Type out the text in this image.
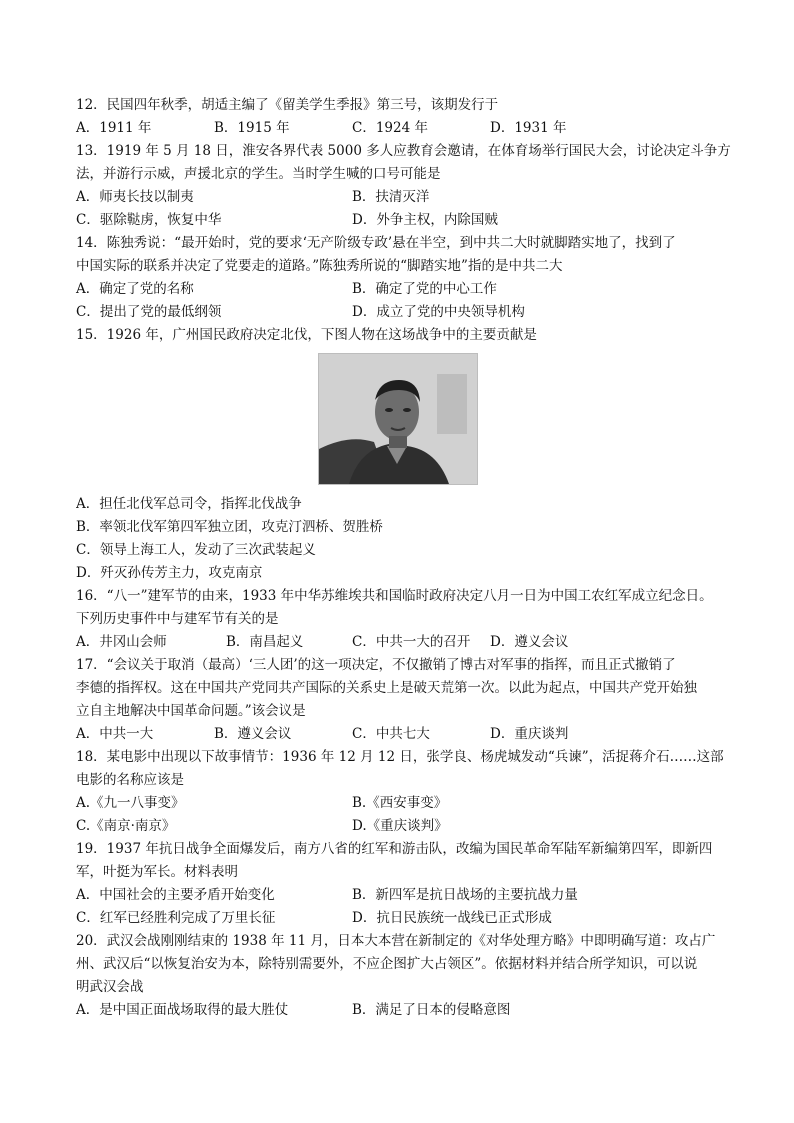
12．民国四年秋季，胡适主编了《留美学生季报》第三号，该期发行于
A．1911 年	B．1915 年	C．1924 年	D．1931 年
13．1919 年 5 月 18 日，淮安各界代表 5000 多人应教育会邀请，在体育场举行国民大会，讨论决定斗争方
法，并游行示威，声援北京的学生。当时学生喊的口号可能是
A．师夷长技以制夷	B．扶清灭洋
C．驱除鞑虏，恢复中华	D．外争主权，内除国贼
14．陈独秀说：“最开始时，党的要求‘无产阶级专政’悬在半空，到中共二大时就脚踏实地了，找到了
中国实际的联系并决定了党要走的道路。”陈独秀所说的“脚踏实地”指的是中共二大
A．确定了党的名称	B．确定了党的中心工作
C．提出了党的最低纲领	D．成立了党的中央领导机构
15．1926 年，广州国民政府决定北伐，下图人物在这场战争中的主要贡献是
A．担任北伐军总司令，指挥北伐战争
B．率领北伐军第四军独立团，攻克汀泗桥、贺胜桥
C．领导上海工人，发动了三次武装起义
D．歼灭孙传芳主力，攻克南京
16．“八一”建军节的由来，1933 年中华苏维埃共和国临时政府决定八月一日为中国工农红军成立纪念日。
下列历史事件中与建军节有关的是
A．井冈山会师	B．南昌起义	C．中共一大的召开 D．遵义会议
17．“会议关于取消（最高）‘三人团’的这一项决定，不仅撤销了博古对军事的指挥，而且正式撤销了
李德的指挥权。这在中国共产党同共产国际的关系史上是破天荒第一次。以此为起点，中国共产党开始独
立自主地解决中国革命问题。”该会议是
A．中共一大	B．遵义会议	C．中共七大	D．重庆谈判
18．某电影中出现以下故事情节：1936 年 12 月 12 日，张学良、杨虎城发动“兵谏”，活捉蒋介石……这部
电影的名称应该是
A.《九一八事变》	B.《西安事变》
C.《南京·南京》	D.《重庆谈判》
19．1937 年抗日战争全面爆发后，南方八省的红军和游击队，改编为国民革命军陆军新编第四军，即新四
军，叶挺为军长。材料表明
A．中国社会的主要矛盾开始变化	B．新四军是抗日战场的主要抗战力量
C．红军已经胜利完成了万里长征	D．抗日民族统一战线已正式形成
20．武汉会战刚刚结束的 1938 年 11 月，日本大本营在新制定的《对华处理方略》中即明确写道：攻占广
州、武汉后“以恢复治安为本，除特别需要外，不应企图扩大占领区”。依据材料并结合所学知识，可以说
明武汉会战
A．是中国正面战场取得的最大胜仗	B．满足了日本的侵略意图
